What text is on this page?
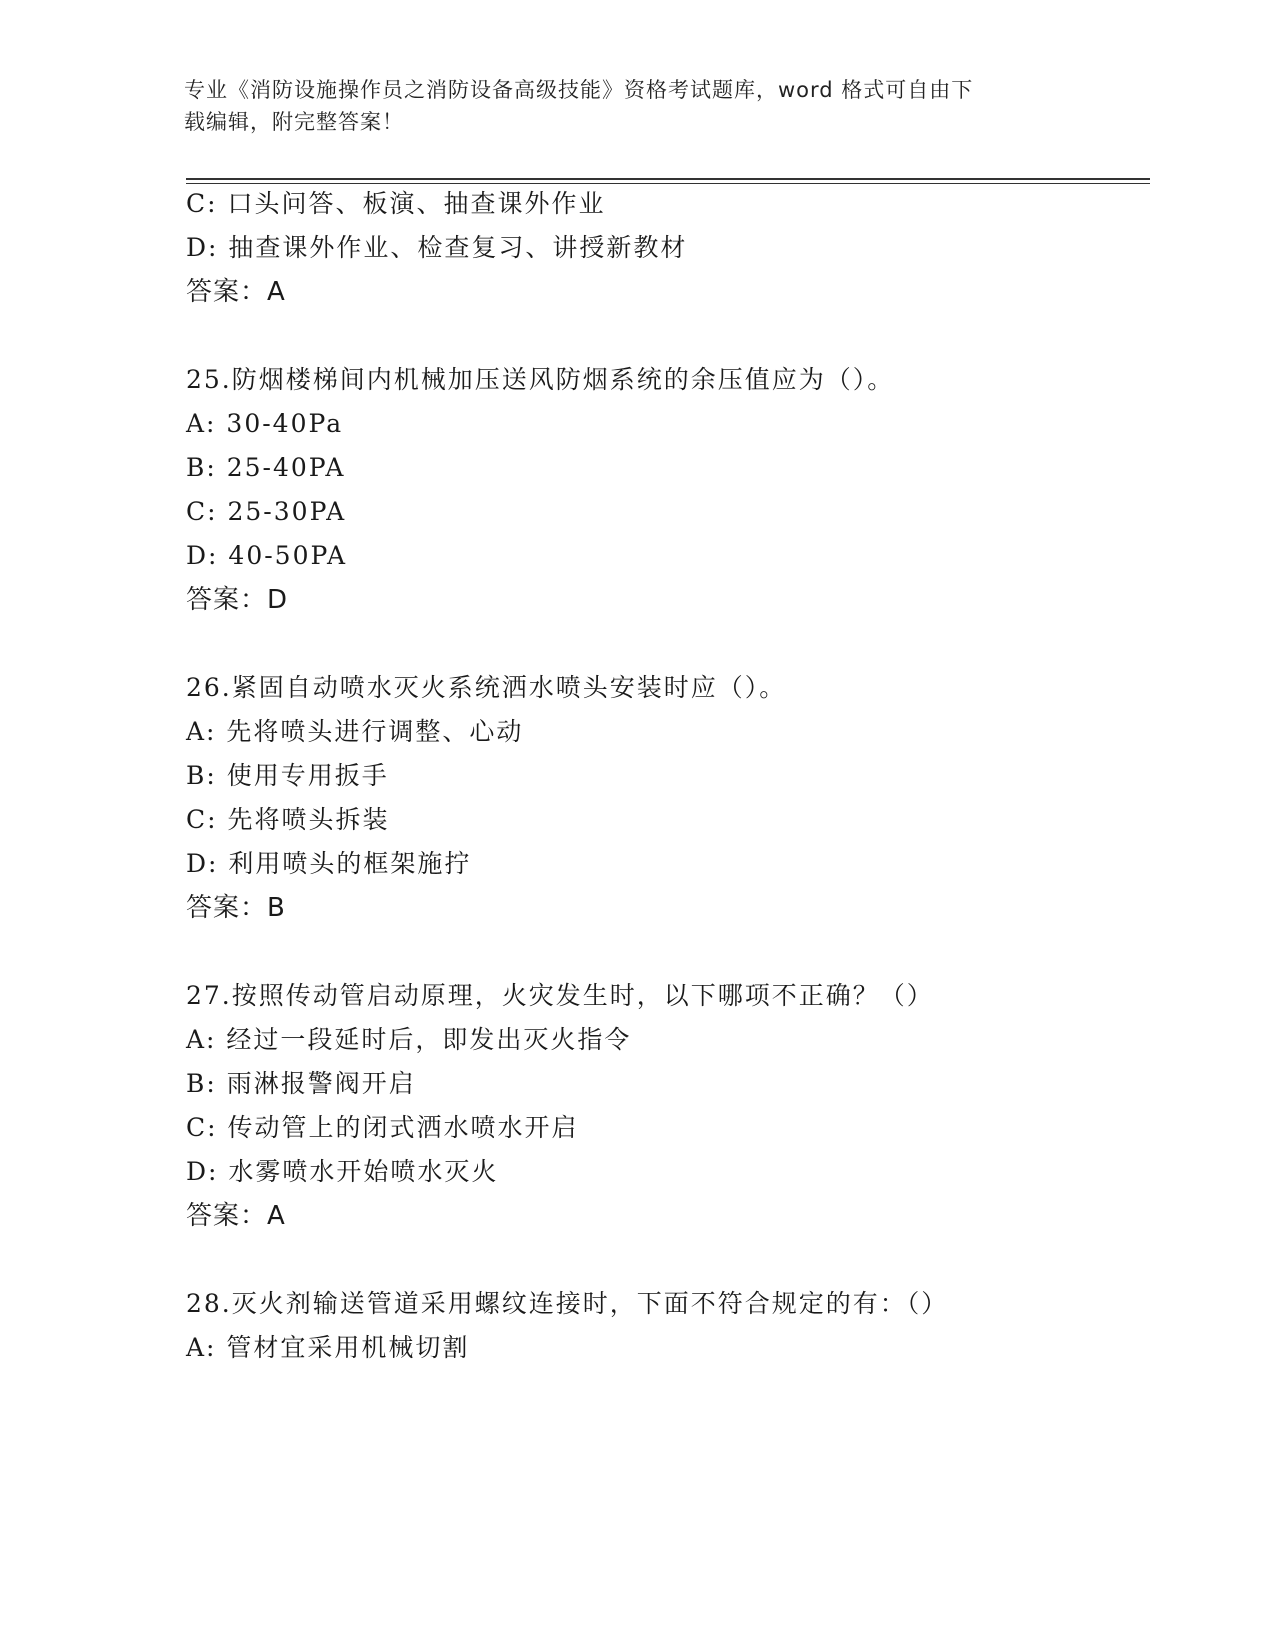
专业《消防设施操作员之消防设备高级技能》资格考试题库，word 格式可自由下
载编辑，附完整答案！
C: 口头问答、板演、抽查课外作业
D: 抽查课外作业、检查复习、讲授新教材
答案：A
25.防烟楼梯间内机械加压送风防烟系统的余压值应为（）。
A: 30-40Pa
B: 25-40PA
C: 25-30PA
D: 40-50PA
答案：D
26.紧固自动喷水灭火系统洒水喷头安装时应（）。
A: 先将喷头进行调整、心动
B: 使用专用扳手
C: 先将喷头拆装
D: 利用喷头的框架施拧
答案：B
27.按照传动管启动原理，火灾发生时，以下哪项不正确？（）
A: 经过一段延时后，即发出灭火指令
B: 雨淋报警阀开启
C: 传动管上的闭式洒水喷水开启
D: 水雾喷水开始喷水灭火
答案：A
28.灭火剂输送管道采用螺纹连接时，下面不符合规定的有：（）
A: 管材宜采用机械切割
